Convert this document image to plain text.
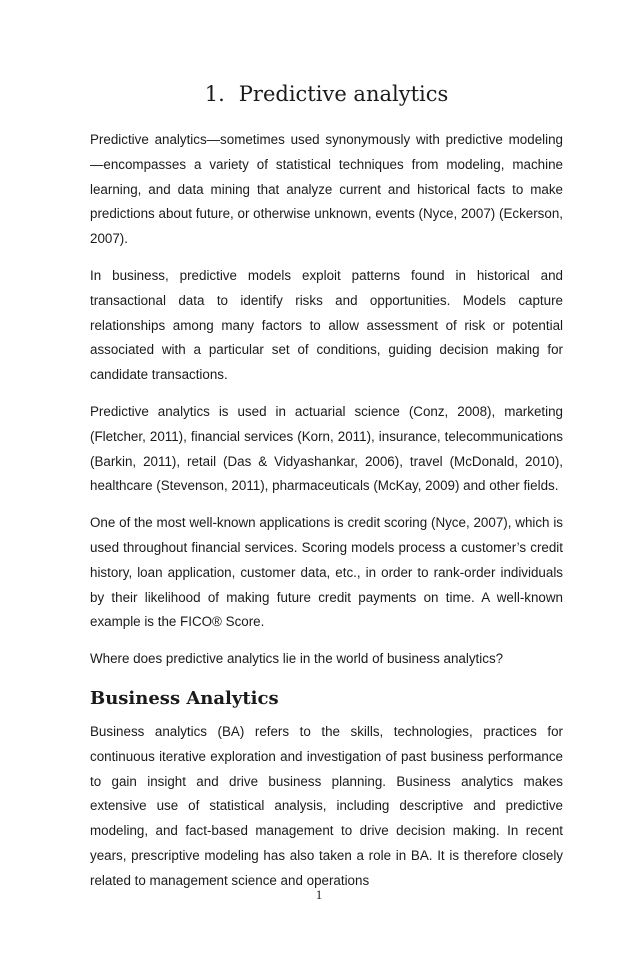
1. Predictive analytics

Predictive analytics—sometimes used synonymously with predictive modeling—encompasses a variety of statistical techniques from modeling, machine learning, and data mining that analyze current and historical facts to make predictions about future, or otherwise unknown, events (Nyce, 2007) (Eckerson, 2007).

In business, predictive models exploit patterns found in historical and transactional data to identify risks and opportunities. Models capture relationships among many factors to allow assessment of risk or potential associated with a particular set of conditions, guiding decision making for candidate transactions.

Predictive analytics is used in actuarial science (Conz, 2008), marketing (Fletcher, 2011), financial services (Korn, 2011), insurance, telecommunications (Barkin, 2011), retail (Das & Vidyashankar, 2006), travel (McDonald, 2010), healthcare (Stevenson, 2011), pharmaceuticals (McKay, 2009) and other fields.

One of the most well-known applications is credit scoring (Nyce, 2007), which is used throughout financial services. Scoring models process a customer’s credit history, loan application, customer data, etc., in order to rank-order individuals by their likelihood of making future credit payments on time. A well-known example is the FICO® Score.

Where does predictive analytics lie in the world of business analytics?

Business Analytics

Business analytics (BA) refers to the skills, technologies, practices for continuous iterative exploration and investigation of past business performance to gain insight and drive business planning. Business analytics makes extensive use of statistical analysis, including descriptive and predictive modeling, and fact-based management to drive decision making. In recent years, prescriptive modeling has also taken a role in BA. It is therefore closely related to management science and operations

1
